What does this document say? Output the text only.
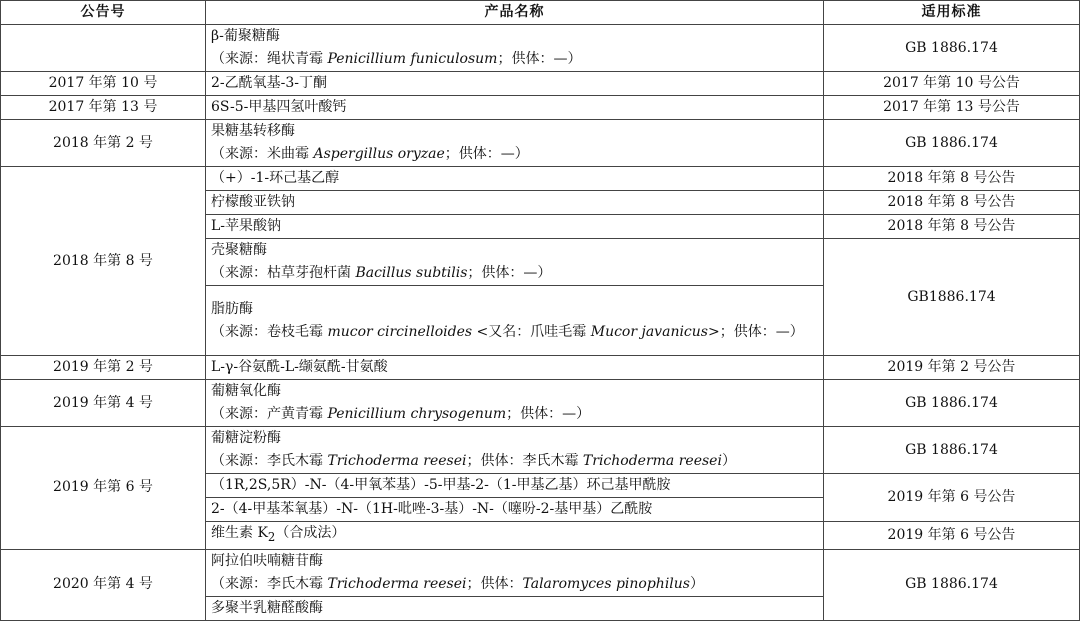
公告号	产品名称	适用标准

	β-葡聚糖酶
（来源：绳状青霉 Penicillium funiculosum；供体：—）	GB 1886.174
2017 年第 10 号	2-乙酰氧基-3-丁酮	2017 年第 10 号公告
2017 年第 13 号	6S-5-甲基四氢叶酸钙	2017 年第 13 号公告
2018 年第 2 号	果糖基转移酶
（来源：米曲霉 Aspergillus oryzae；供体：—）	GB 1886.174
2018 年第 8 号	（+）-1-环己基乙醇	2018 年第 8 号公告
	柠檬酸亚铁钠	2018 年第 8 号公告
	L-苹果酸钠	2018 年第 8 号公告

	壳聚糖酶
（来源：枯草芽孢杆菌 Bacillus subtilis；供体：—）	GB1886.174

	脂肪酶
（来源：卷枝毛霉 mucor circinelloides <又名：爪哇毛霉 Mucor javanicus>；供体：—）	

2019 年第 2 号	L-γ-谷氨酰-L-缬氨酰-甘氨酸	2019 年第 2 号公告
2019 年第 4 号	葡糖氧化酶
（来源：产黄青霉 Penicillium chrysogenum；供体：—）	GB 1886.174
2019 年第 6 号	葡糖淀粉酶
（来源：李氏木霉 Trichoderma reesei；供体：李氏木霉 Trichoderma reesei）	GB 1886.174
	（1R,2S,5R）-N-（4-甲氧苯基）-5-甲基-2-（1-甲基乙基）环己基甲酰胺	2019 年第 6 号公告
	2-（4-甲基苯氧基）-N-（1H-吡唑-3-基）-N-（噻吩-2-基甲基）乙酰胺	
	维生素 $K_2$（合成法）	2019 年第 6 号公告
2020 年第 4 号	阿拉伯呋喃糖苷酶
（来源：李氏木霉 Trichoderma reesei；供体：Talaromyces pinophilus）	GB 1886.174
	多聚半乳糖醛酸酶	
